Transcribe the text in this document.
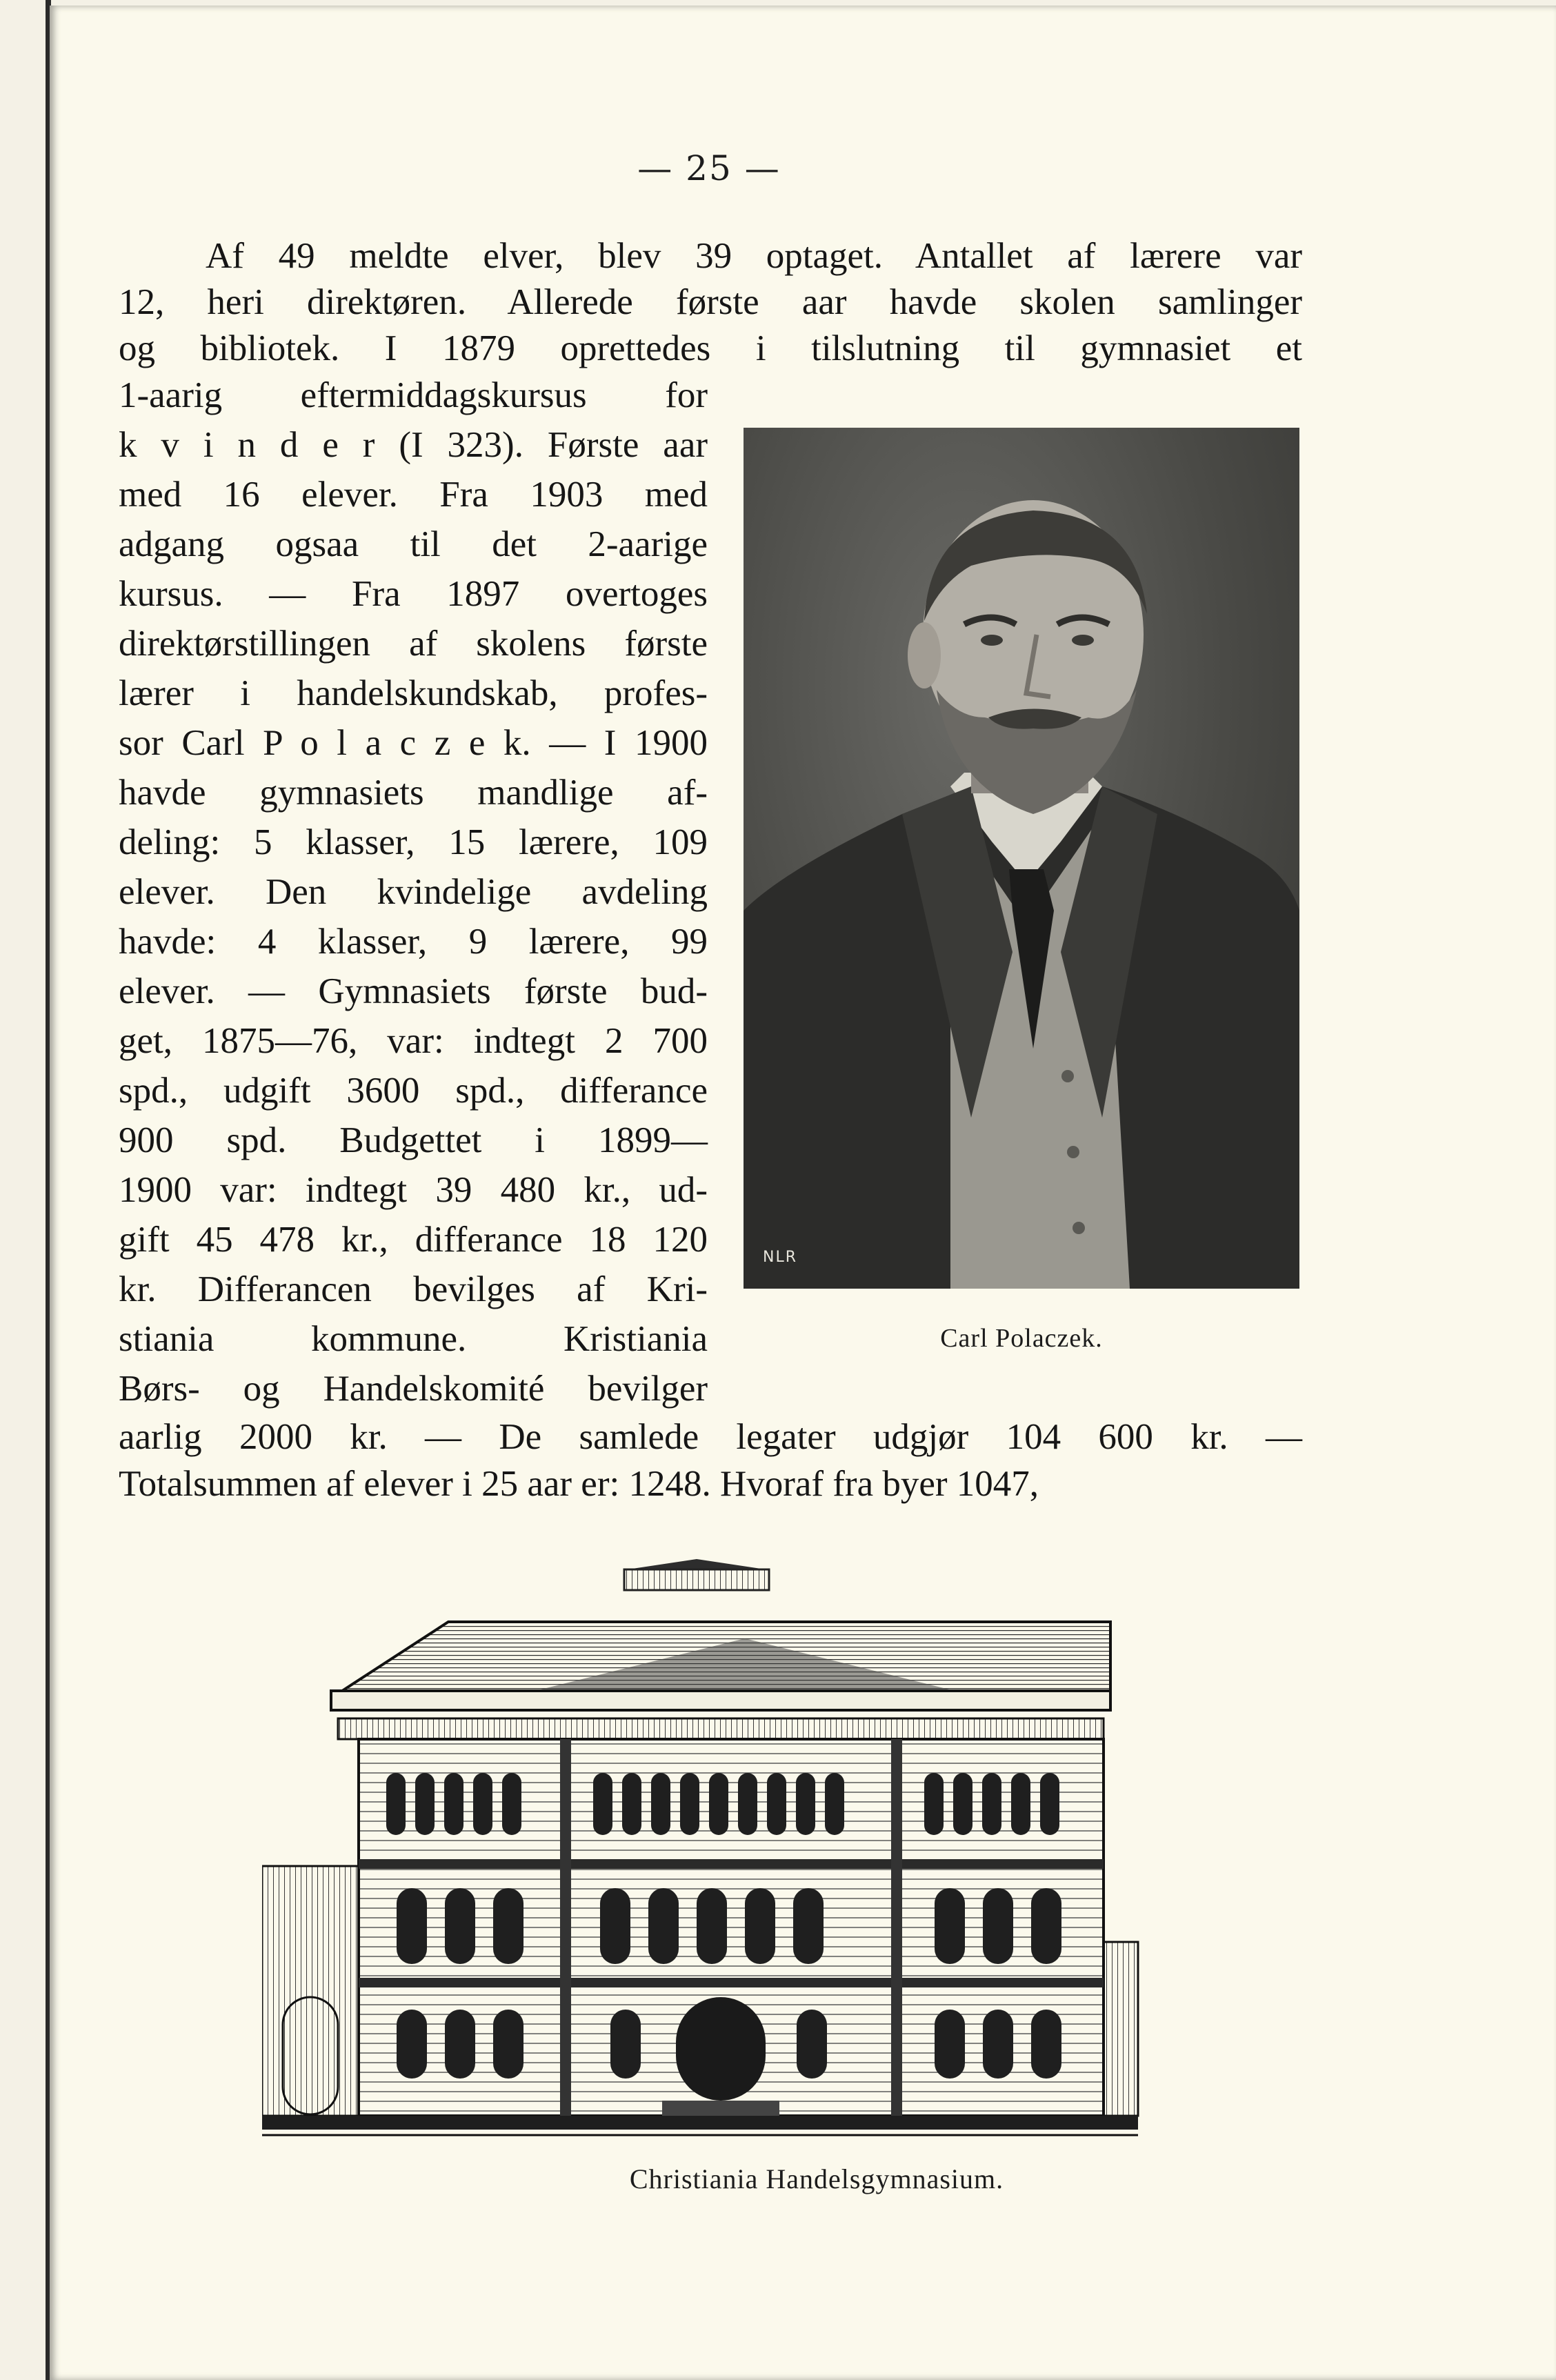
— 25 —
Af 49 meldte elver, blev 39 optaget. Antallet af lærere var
12, heri direktøren. Allerede første aar havde skolen samlinger
og bibliotek. I 1879 oprettedes i tilslutning til gymnasiet et
1-aarig eftermiddagskursus for
k v i n d e r (I 323). Første aar
med 16 elever. Fra 1903 med
adgang ogsaa til det 2-aarige
kursus. — Fra 1897 overtoges
direktørstillingen af skolens første
lærer i handelskundskab, profes-
sor Carl P o l a c z e k. — I 1900
havde gymnasiets mandlige af-
deling: 5 klasser, 15 lærere, 109
elever. Den kvindelige avdeling
havde: 4 klasser, 9 lærere, 99
elever. — Gymnasiets første bud-
get, 1875—76, var: indtegt 2 700
spd., udgift 3600 spd., differance
900 spd. Budgettet i 1899—
1900 var: indtegt 39 480 kr., ud-
gift 45 478 kr., differance 18 120
kr. Differancen bevilges af Kri-
stiania kommune. Kristiania
Børs- og Handelskomité bevilger
aarlig 2000 kr. — De samlede legater udgjør 104 600 kr. —
Totalsummen af elever i 25 aar er: 1248. Hvoraf fra byer 1047,
NLR
Carl Polaczek.
Christiania Handelsgymnasium.
